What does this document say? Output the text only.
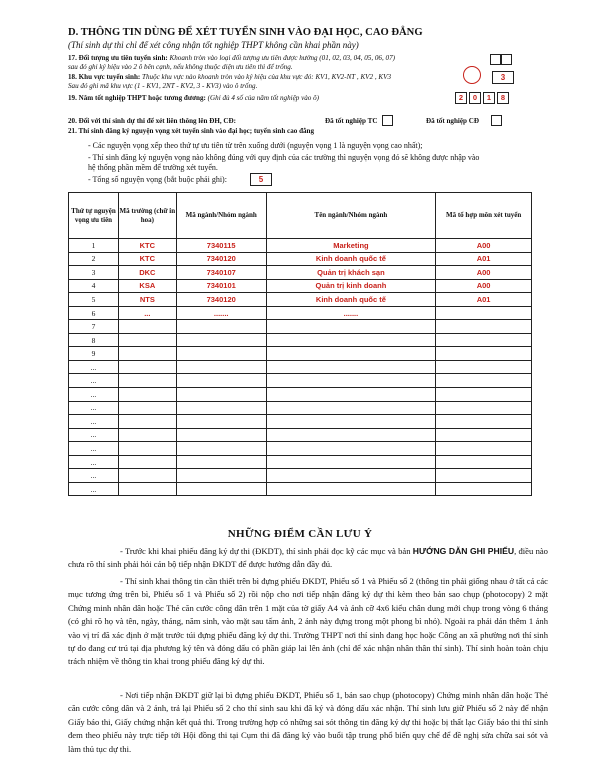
D. THÔNG TIN DÙNG ĐỂ XÉT TUYỂN SINH VÀO ĐẠI HỌC, CAO ĐẲNG
(Thí sinh dự thi chỉ để xét công nhận tốt nghiệp THPT không cần khai phần này)
17. Đối tượng ưu tiên tuyển sinh: Khoanh tròn vào loại đối tượng ưu tiên được hưởng (01, 02, 03, 04, 05, 06, 07)
sau đó ghi ký hiệu vào 2 ô bên cạnh, nếu không thuộc diện ưu tiên thì để trống.
18. Khu vực tuyển sinh: Thuộc khu vực nào khoanh tròn vào ký hiệu của khu vực đó: KV1, KV2-NT , KV2 , KV3
Sau đó ghi mã khu vực (1 - KV1, 2NT - KV2, 3 - KV3) vào ô trống.
3
19. Năm tốt nghiệp THPT hoặc tương đương: (Ghi đủ 4 số của năm tốt nghiệp vào ô)	2	0	1	8
20. Đối với thí sinh dự thi để xét liên thông lên ĐH, CĐ:	Đã tốt nghiệp TC	Đã tốt nghiệp CĐ
21. Thí sinh đăng ký nguyện vọng xét tuyển sinh vào đại học; tuyển sinh cao đẳng
- Các nguyện vọng xếp theo thứ tự ưu tiên từ trên xuống dưới (nguyện vọng 1 là nguyện vọng cao nhất);
- Thí sinh đăng ký nguyện vọng nào không đúng với quy định của các trường thì nguyện vọng đó sẽ không được nhập vào
hệ thống phần mềm để trường xét tuyển.
- Tổng số nguyện vọng (bắt buộc phải ghi):	5
Thứ tự nguyện vọng ưu tiên	Mã trường (chữ in hoa)	Mã ngành/Nhóm ngành	Tên ngành/Nhóm ngành	Mã tổ hợp môn xét tuyển
1	KTC	7340115	Marketing	A00
2	KTC	7340120	Kinh doanh quốc tế	A01
3	DKC	7340107	Quản trị khách sạn	A00
4	KSA	7340101	Quản trị kinh doanh	A00
5	NTS	7340120	Kinh doanh quốc tế	A01
6	...	.......	.......	
7				
8				
9				
...				
...				
...				
...				
...				
...				
...				
...				
...				
...				
NHỮNG ĐIỂM CẦN LƯU Ý
- Trước khi khai phiếu đăng ký dự thi (ĐKDT), thí sinh phải đọc kỹ các mục và bản HƯỚNG DẪN GHI PHIẾU, điều nào chưa rõ thí sinh phải hỏi cán bộ tiếp nhận ĐKDT để được hướng dẫn đầy đủ.
- Thí sinh khai thông tin cần thiết trên bì đựng phiếu ĐKDT, Phiếu số 1 và Phiếu số 2 (thông tin phải giống nhau ở tất cả các mục tương ứng trên bì, Phiếu số 1 và Phiếu số 2) rồi nộp cho nơi tiếp nhận đăng ký dự thi kèm theo bản sao chụp (photocopy) 2 mặt Chứng minh nhân dân hoặc Thẻ căn cước công dân trên 1 mặt của tờ giấy A4 và ảnh cỡ 4x6 kiểu chân dung mới chụp trong vòng 6 tháng (có ghi rõ họ và tên, ngày, tháng, năm sinh, vào mặt sau tấm ảnh, 2 ảnh này đựng trong một phong bì nhỏ). Ngoài ra phải dán thêm 1 ảnh vào vị trí đã xác định ở mặt trước túi đựng phiếu đăng ký dự thi. Trường THPT nơi thí sinh đang học hoặc Công an xã phường nơi thí sinh tự do đang cư trú tại địa phương ký tên và đóng dấu có phần giáp lai lên ảnh (chỉ để xác nhận nhân thân thí sinh). Thí sinh hoàn toàn chịu trách nhiệm về thông tin khai trong phiếu đăng ký dự thi.
- Nơi tiếp nhận ĐKDT giữ lại bì đựng phiếu ĐKDT, Phiếu số 1, bản sao chụp (photocopy) Chứng minh nhân dân hoặc Thẻ căn cước công dân và 2 ảnh, trả lại Phiếu số 2 cho thí sinh sau khi đã ký và đóng dấu xác nhận. Thí sinh lưu giữ Phiếu số 2 này để nhận Giấy báo thi, Giấy chứng nhận kết quả thi. Trong trường hợp có những sai sót thông tin đăng ký dự thi hoặc bị thất lạc Giấy báo thi thí sinh đem theo phiếu này trực tiếp tới Hội đồng thi tại Cụm thi đã đăng ký vào buổi tập trung phổ biến quy chế để đề nghị sửa chữa sai sót và làm thủ tục dự thi.
